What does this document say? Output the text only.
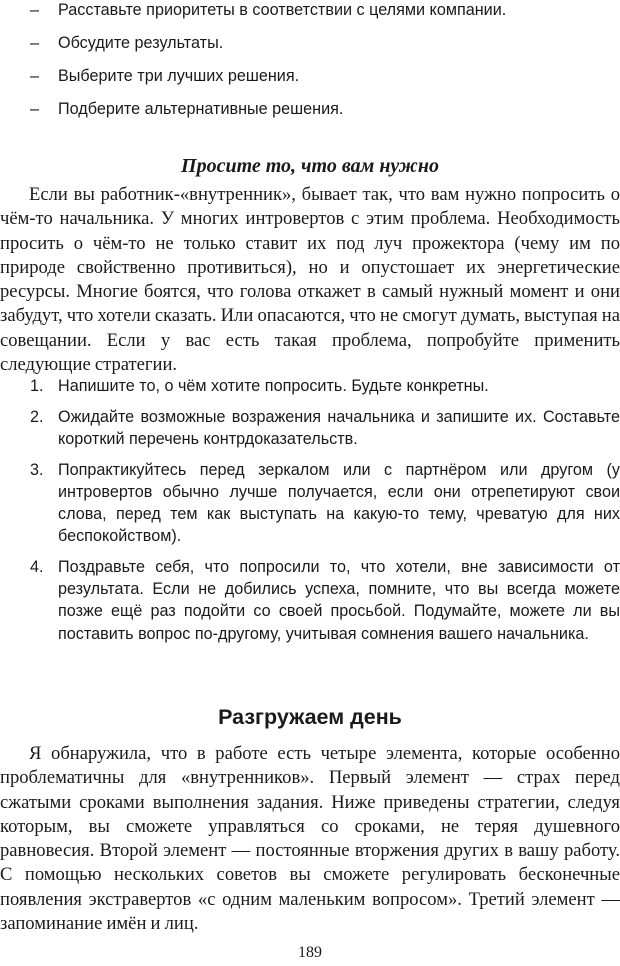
– Расставьте приоритеты в соответствии с целями компании.
– Обсудите результаты.
– Выберите три лучших решения.
– Подберите альтернативные решения.
Просите то, что вам нужно

Если вы работник-«внутренник», бывает так, что вам нужно попросить о чём-то начальника. У многих интровертов с этим проблема. Необходимость просить о чём-то не только ставит их под луч прожектора (чему им по природе свойственно противиться), но и опустошает их энергетические ресурсы. Многие боятся, что голова откажет в самый нужный момент и они забудут, что хотели сказать. Или опасаются, что не смогут думать, выступая на совещании. Если у вас есть такая проблема, попробуйте применить следующие стратегии.

1. Напишите то, о чём хотите попросить. Будьте конкретны.
2. Ожидайте возможные возражения начальника и запишите их. Составьте короткий перечень контрдоказательств.
3. Попрактикуйтесь перед зеркалом или с партнёром или другом (у интровертов обычно лучше получается, если они отрепетируют свои слова, перед тем как выступать на какую-то тему, чреватую для них беспокойством).
4. Поздравьте себя, что попросили то, что хотели, вне зависимости от результата. Если не добились успеха, помните, что вы всегда можете позже ещё раз подойти со своей просьбой. Подумайте, можете ли вы поставить вопрос по-другому, учитывая сомнения вашего начальника.
Разгружаем день

Я обнаружила, что в работе есть четыре элемента, которые особенно проблематичны для «внутренников». Первый элемент — страх перед сжатыми сроками выполнения задания. Ниже приведены стратегии, следуя которым, вы сможете управляться со сроками, не теряя душевного равновесия. Второй элемент — постоянные вторжения других в вашу работу. С помощью нескольких советов вы сможете регулировать бесконечные появления экстравертов «с одним маленьким вопросом». Третий элемент — запоминание имён и лиц.

189
